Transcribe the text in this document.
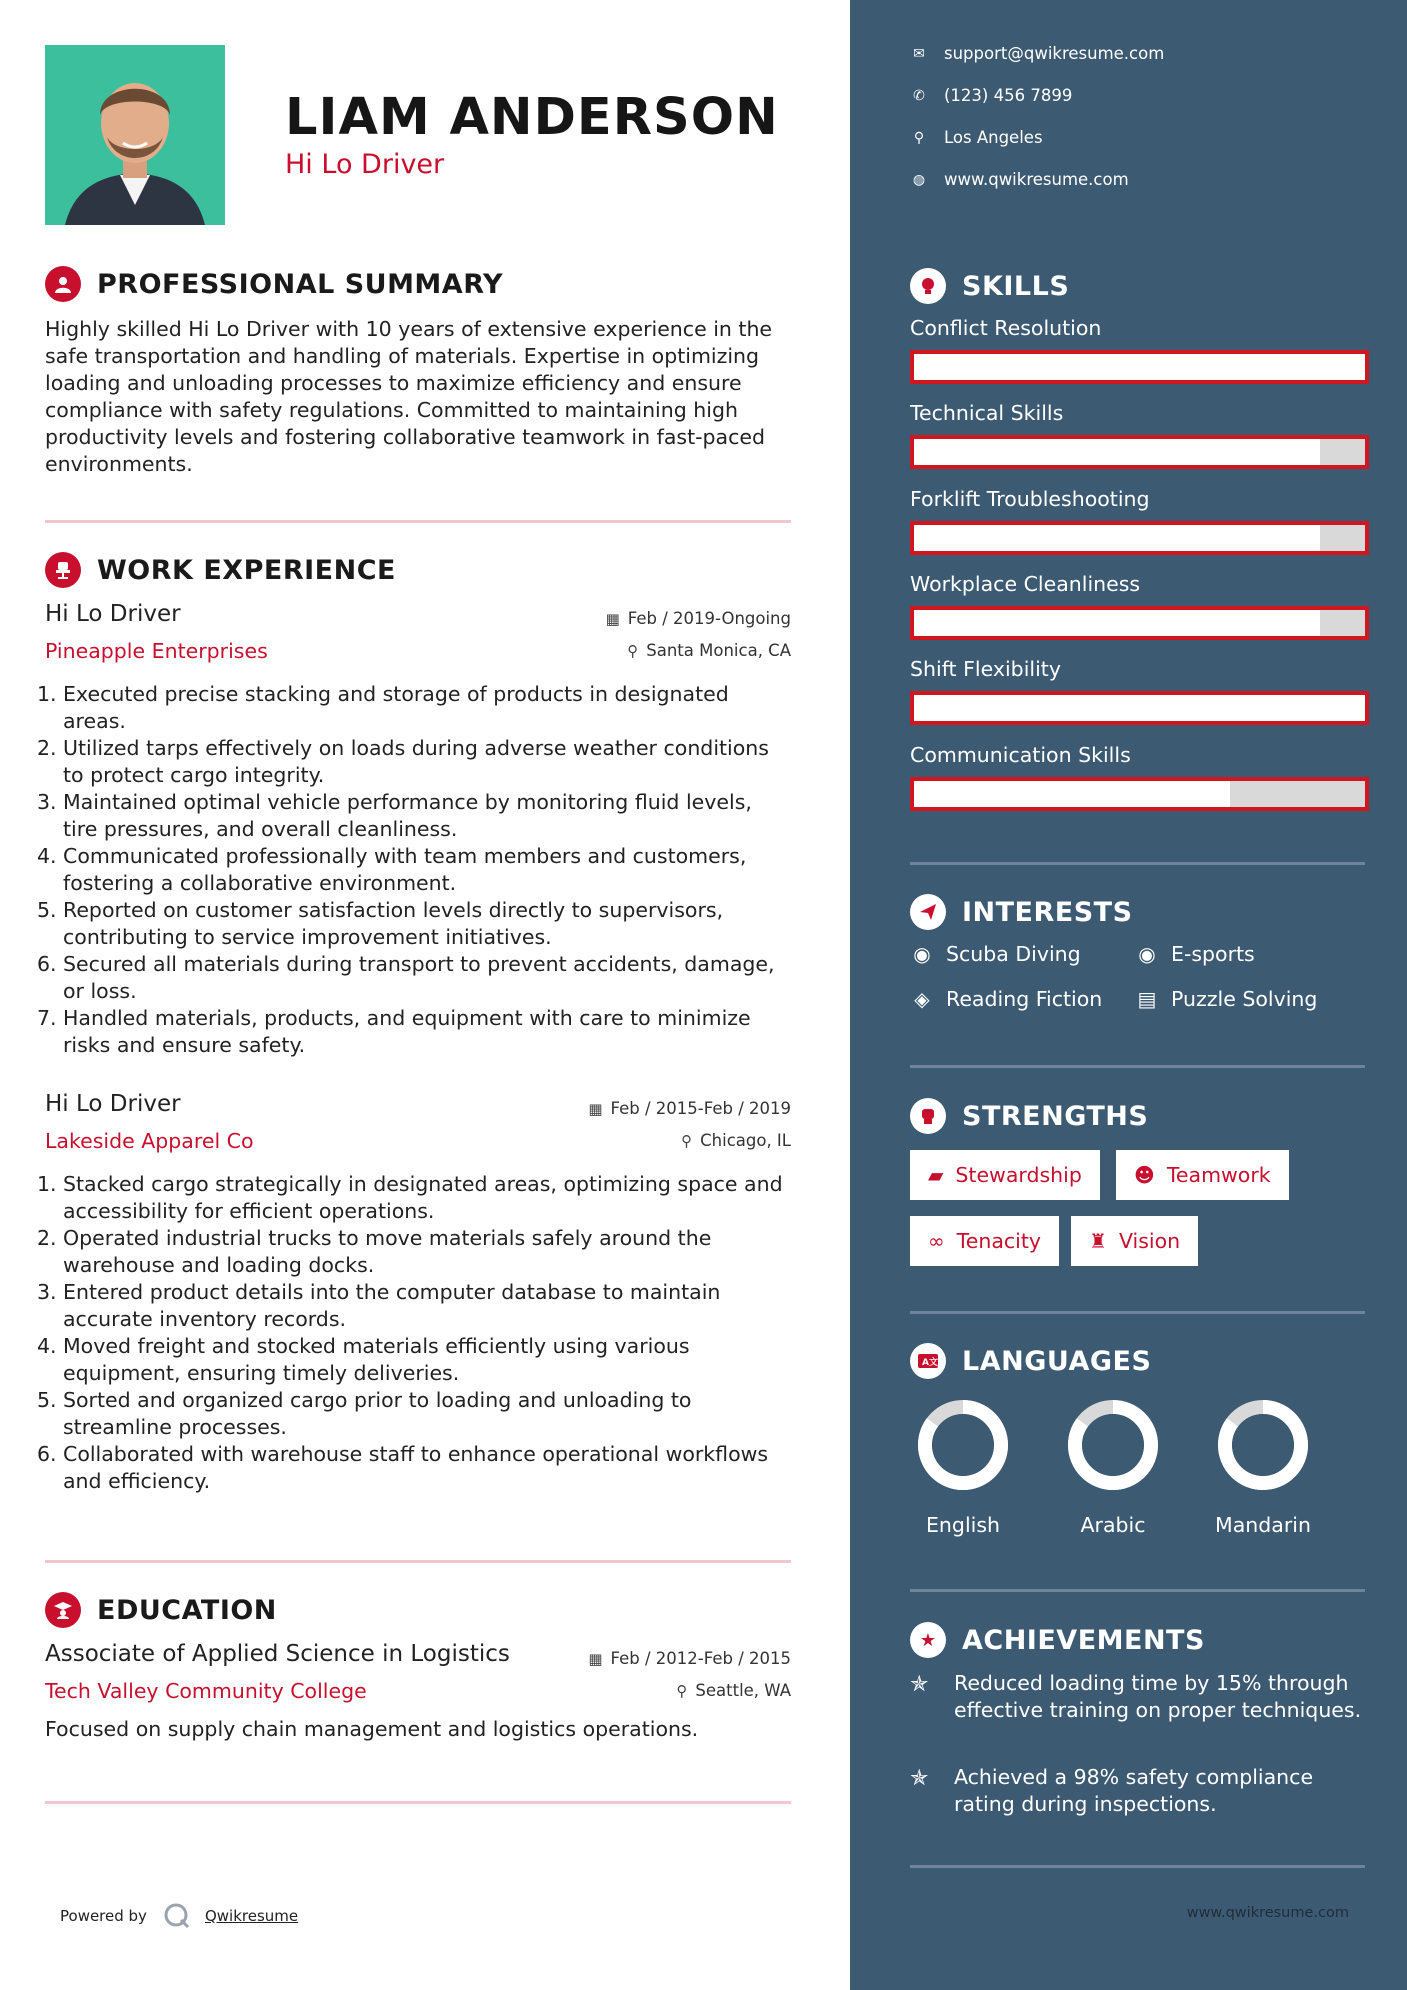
LIAM ANDERSON
Hi Lo Driver
PROFESSIONAL SUMMARY
Highly skilled Hi Lo Driver with 10 years of extensive experience in the safe transportation and handling of materials. Expertise in optimizing loading and unloading processes to maximize efficiency and ensure compliance with safety regulations. Committed to maintaining high productivity levels and fostering collaborative teamwork in fast-paced environments.
WORK EXPERIENCE
Hi Lo Driver
Pineapple Enterprises
▦ Feb / 2019-Ongoing
⚲ Santa Monica, CA
1. Executed precise stacking and storage of products in designated areas.
2. Utilized tarps effectively on loads during adverse weather conditions to protect cargo integrity.
3. Maintained optimal vehicle performance by monitoring fluid levels, tire pressures, and overall cleanliness.
4. Communicated professionally with team members and customers, fostering a collaborative environment.
5. Reported on customer satisfaction levels directly to supervisors, contributing to service improvement initiatives.
6. Secured all materials during transport to prevent accidents, damage, or loss.
7. Handled materials, products, and equipment with care to minimize risks and ensure safety.
Hi Lo Driver
Lakeside Apparel Co
▦ Feb / 2015-Feb / 2019
⚲ Chicago, IL
1. Stacked cargo strategically in designated areas, optimizing space and accessibility for efficient operations.
2. Operated industrial trucks to move materials safely around the warehouse and loading docks.
3. Entered product details into the computer database to maintain accurate inventory records.
4. Moved freight and stocked materials efficiently using various equipment, ensuring timely deliveries.
5. Sorted and organized cargo prior to loading and unloading to streamline processes.
6. Collaborated with warehouse staff to enhance operational workflows and efficiency.
EDUCATION
Associate of Applied Science in Logistics
Tech Valley Community College
▦ Feb / 2012-Feb / 2015
⚲ Seattle, WA
Focused on supply chain management and logistics operations.
Powered by	Qwikresume
✉ support@qwikresume.com
✆ (123) 456 7899
⚲ Los Angeles
◍ www.qwikresume.com
SKILLS
Conflict Resolution
Technical Skills
Forklift Troubleshooting
Workplace Cleanliness
Shift Flexibility
Communication Skills
INTERESTS
◉ Scuba Diving	◉ E-sports
◈ Reading Fiction ▤ Puzzle Solving
STRENGTHS
▰ Stewardship	☻ Teamwork
∞ Tenacity ♜ Vision
A 文 LANGUAGES
English	Arabic	Mandarin
★ ACHIEVEMENTS
✯	Reduced loading time by 15% through effective training on proper techniques.
✯	Achieved a 98% safety compliance rating during inspections.
www.qwikresume.com
